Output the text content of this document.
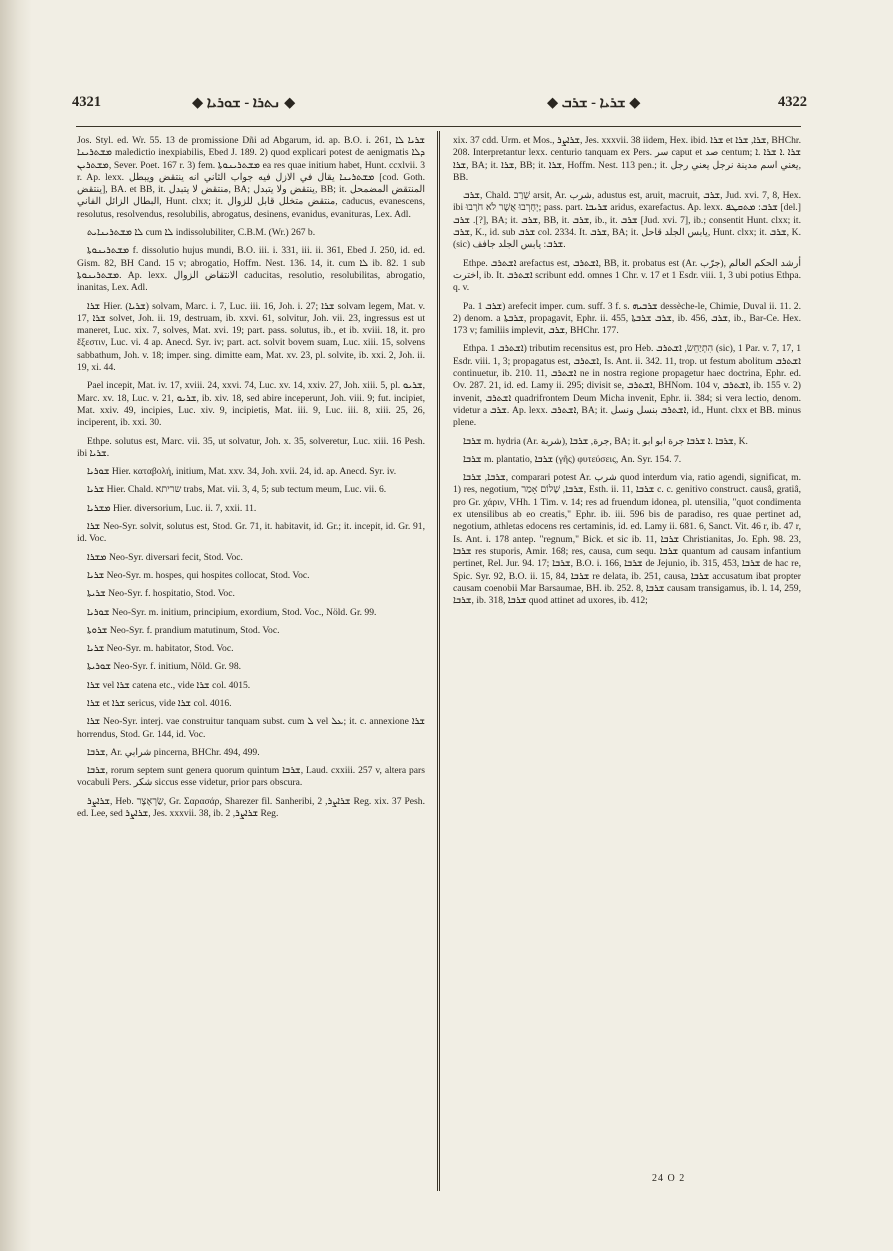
4321	◆ ܢܬܪܐ - ܫܘܪܝܐ ◆	◆ ܫܪܝܐ - ܫܪܒ ◆	4322

Jos. Styl. ed. Wr. 55. 13 de promissione Dñi ad Abgarum, id. ap. B.O. i. 261, ܫܪܝܐ ܠܐ ܡܫܬܪܝܢܐ maledictio inexpiabilis, Ebed J. 189. 2) quod explicari potest de aenigmatis ܕܠܐ ܡܫܬܪܝܢ, Sever. Poet. 167 r. 3) fem. ܡܫܬܪܝܢܘܬܐ ea res quae initium habet, Hunt. ccxlvii. 3 r. Ap. lexx. ܡܫܬܪܝܢܐ يقال في الازل فيه جواب الثاني انه ينتقض ويبطل [cod. Goth. ينتقض], BA. et BB, it. منتقض لا يتبدل, BA; ينتقض ولا يتبدل, BB; it. المنتقض المضمحل البطال الزائل الفاني, Hunt. clxx; it. منتقض متخلل قابل للزوال, caducus, evanescens, resolutus, resolvendus, resolubilis, abrogatus, desinens, evanidus, evanituras, Lex. Adl.

ܠܐ ܡܫܬܪܝܢܐܝܬ cum ܠܐ indissolubiliter, C.B.M. (Wr.) 267 b.

ܡܫܬܪܝܢܘܬܐ f. dissolutio hujus mundi, B.O. iii. i. 331, iii. ii. 361, Ebed J. 250, id. ed. Gism. 82, BH Cand. 15 v; abrogatio, Hoffm. Nest. 136. 14, it. cum ܠܐ ib. 82. 1 sub ܡܫܬܪܝܢܘܬܐ. Ap. lexx. الانتقاض الزوال caducitas, resolutio, resolubilitas, abrogatio, inanitas, Lex. Adl.

ܫܪܐ Hier. (ܫܪܝܐ) solvam, Marc. i. 7, Luc. iii. 16, Joh. i. 27; ܫܪܐ solvam legem, Mat. v. 17, ܫܪܐ solvet, Joh. ii. 19, destruam, ib. xxvi. 61, solvitur, Joh. vii. 23, ingressus est ut maneret, Luc. xix. 7, solves, Mat. xvi. 19; part. pass. solutus, ib., et ib. xviii. 18, it. pro ἔξεστιν, Luc. vi. 4 ap. Anecd. Syr. iv; part. act. solvit bovem suam, Luc. xiii. 15, solvens sabbathum, Joh. v. 18; imper. sing. dimitte eam, Mat. xv. 23, pl. solvite, ib. xxi. 2, Joh. ii. 19, xi. 44.

Pael incepit, Mat. iv. 17, xviii. 24, xxvi. 74, Luc. xv. 14, xxiv. 27, Joh. xiii. 5, pl. ܫܪܝܘ, Marc. xv. 18, Luc. v. 21, ܫܪܝܘ, ib. xiv. 18, sed abire inceperunt, Joh. viii. 9; fut. incipiet, Mat. xxiv. 49, incipies, Luc. xiv. 9, incipietis, Mat. iii. 9, Luc. iii. 8, xiii. 25, 26, inciperent, ib. xxi. 30.

Ethpe. solutus est, Marc. vii. 35, ut solvatur, Joh. x. 35, solveretur, Luc. xiii. 16 Pesh. ibi ܫܪܝܐ.

ܫܘܪܝܐ Hier. καταβολή, initium, Mat. xxv. 34, Joh. xvii. 24, id. ap. Anecd. Syr. iv.

ܫܪܝܐ Hier. Chald. שריתא trabs, Mat. vii. 3, 4, 5; sub tectum meum, Luc. vii. 6.

ܡܫܪܝܐ Hier. diversorium, Luc. ii. 7, xxii. 11.

ܫܪܐ Neo-Syr. solvit, solutus est, Stod. Gr. 71, it. habitavit, id. Gr.; it. incepit, id. Gr. 91, id. Voc.

ܡܫܪܐ Neo-Syr. diversari fecit, Stod. Voc.

ܫܪܝܐ Neo-Syr. m. hospes, qui hospites collocat, Stod. Voc.

ܫܪܝܬܐ Neo-Syr. f. hospitatio, Stod. Voc.

ܫܘܪܝܐ Neo-Syr. m. initium, principium, exordium, Stod. Voc., Nöld. Gr. 99.

ܫܪܘܬܐ Neo-Syr. f. prandium matutinum, Stod. Voc.

ܫܪܝܐ Neo-Syr. m. habitator, Stod. Voc.

ܫܘܪܝܬܐ Neo-Syr. f. initium, Nöld. Gr. 98.

ܫܪܐ vel ܫܪܐ catena etc., vide ܫܪܐ col. 4015.

ܫܪܐ et ܫܪܐ sericus, vide ܫܪܐ col. 4016.

ܫܪܐ Neo-Syr. interj. vae construitur tanquam subst. cum ܠ vel ܥܠ; it. c. annexione ܫܪܐ horrendus, Stod. Gr. 144, id. Voc.

ܫܪܒܐ, Ar. شرابي pincerna, BHChr. 494, 499.

ܫܪܒܐ, rorum septem sunt genera quorum quintum ܫܪܒܐ, Laud. cxxiii. 257 v, altera pars vocabuli Pers. شکر siccus esse videtur, prior pars obscura.

ܫܪܐܨܪ, Heb. שַׂרְאֶצֶר, Gr. Σαρασάρ, Sharezer fil. Sanheribi, ܫܪܐܨܪ, 2 Reg. xix. 37 Pesh. ed. Lee, sed ܫܪܐܨܪ, Jes. xxxvii. 38, ib. ܫܪܐܨܪ, 2 Reg.

xix. 37 cdd. Urm. et Mos., ܫܪܐܨܪ, Jes. xxxvii. 38 iidem, Hex. ibid. ܫܪܐ et ܫܪܐ, ܫܪܐ, BHChr. 208. Interpretantur lexx. centurio tanquam ex Pers. سر caput et صد centum; ܫܪܐ .ܐ ܫܪܐ .ܐ ܫܪܐ, BA; it. ܫܪܐ, BB; it. ܫܪܐ, Hoffm. Nest. 113 pen.; it. يعني اسم مدينة نرجل يعني رجل, BB.

ܫܪܒ, Chald. שְׁרַב arsit, Ar. شرب, adustus est, aruit, macruit, ܫܪܒ, Jud. xvi. 7, 8, Hex. ibi יְחָרְבוּ אֲשֶׁר לֹא חֹרָבוּ; pass. part. ܫܪܝܒܐ aridus, exarefactus. Ap. lexx. ܫܪܒ: ܡܬܩܛܦ [del.] ܫܪܒ .[?], BA; it. ܫܪܒ, BB, it. ܫܪܒ, ib., it. ܫܪܒ [Jud. xvi. 7], ib.; consentit Hunt. clxx; it. ܫܪܒ, K., id. sub ܫܪܒ col. 2334. It. ܫܪܒ, BA; it. يابس الجلد قاحل, Hunt. clxx; it. ܫܪܒ, K. (sic) ܫܪܒ: يابس الجلد جافف.

Ethpe. ܐܫܬܪܒ arefactus est, ܐܫܬܪܒ, BB, it. probatus est (Ar. جرّب), أرشد الحكم العالم اخترت, ib. It. ܐܫܬܪܒ scribunt edd. omnes 1 Chr. v. 17 et 1 Esdr. viii. 1, 3 ubi potius Ethpa. q. v.

Pa. ܫܪܒ 1) arefecit imper. cum. suff. 3 f. s. ܫܪܒܝܗ dessèche-le, Chimie, Duval ii. 11. 2. 2) denom. a ܫܪܒܬܐ, propagavit, Ephr. ii. 455, ܫܪܒ ܫܪܒܬܐ, ib. 456, ܫܪܒ, ib., Bar-Ce. Hex. 173 v; familiis implevit, ܫܪܒ, BHChr. 177.

Ethpa. ܐܫܬܪܒ 1) tributim recensitus est, pro Heb. הִתְיַחֵשׂ, ܐܫܬܪܒ (sic), 1 Par. v. 7, 17, 1 Esdr. viii. 1, 3; propagatus est, ܐܫܬܪܒ, Is. Ant. ii. 342. 11, trop. ut festum abolitum ܐܫܬܪܒ continuetur, ib. 210. 11, ܐܫܬܪܒ ne in nostra regione propagetur haec doctrina, Ephr. ed. Ov. 287. 21, id. ed. Lamy ii. 295; divisit se, ܐܫܬܪܒ, BHNom. 104 v, ܐܫܬܪܒ, ib. 155 v. 2) invenit, ܐܫܬܪܒ quadrifrontem Deum Micha invenit, Ephr. ii. 384; si vera lectio, denom. videtur a ܫܪܒ. Ap. lexx. ܐܫܬܪܒ, BA; it. ܐܫܬܪܒ بنسل ونسل, id., Hunt. clxx et BB. minus plene.

ܫܪܒܐ m. hydria (Ar. شربة), جرة, ܫܪܒܐ, BA; it. ܫܪܒܐ .ܐ ܫܪܒܐ جرة ابو ابو, K.

ܫܪܒܐ m. plantatio, ܫܪܒܐ (γῆς) φυτεύσεις, An. Syr. 154. 7.

ܫܪܒܐ, ܫܪܒܐ, comparari potest Ar. شرب quod interdum via, ratio agendi, significat, m. 1) res, negotium, ܫܪܒܐ, שָׁלוֹם אָמַר, Esth. ii. 11, ܫܪܒܐ c. c. genitivo construct. causâ, gratiâ, pro Gr. χάριν, VHh. 1 Tim. v. 14; res ad fruendum idonea, pl. utensilia, "quot condimenta ex utensilibus ab eo creatis," Ephr. ib. iii. 596 bis de paradiso, res quae pertinet ad, negotium, athletas edocens res certaminis, id. ed. Lamy ii. 681. 6, Sanct. Vit. 46 r, ib. 47 r, Is. Ant. i. 178 antep. "regnum," Bick. et sic ib. 11, ܫܪܒܐ Christianitas, Jo. Eph. 98. 23, ܫܪܒܐ res stuporis, Amir. 168; res, causa, cum sequ. ܫܪܒܐ quantum ad causam infantium pertinet, Rel. Jur. 94. 17; ܫܪܒܐ, B.O. i. 166, ܫܪܒܐ de Jejunio, ib. 315, 453, ܫܪܒܐ de hac re, Spic. Syr. 92, B.O. ii. 15, 84, ܫܪܒܐ re delata, ib. 251, causa, ܫܪܒܐ accusatum ibat propter causam coenobii Mar Barsaumae, BH. ib. 252. 8, ܫܪܒܐ causam transigamus, ib. l. 14, 259, ܫܪܒܐ, ib. 318, ܫܪܒܐ quod attinet ad uxores, ib. 412;

24 O 2
